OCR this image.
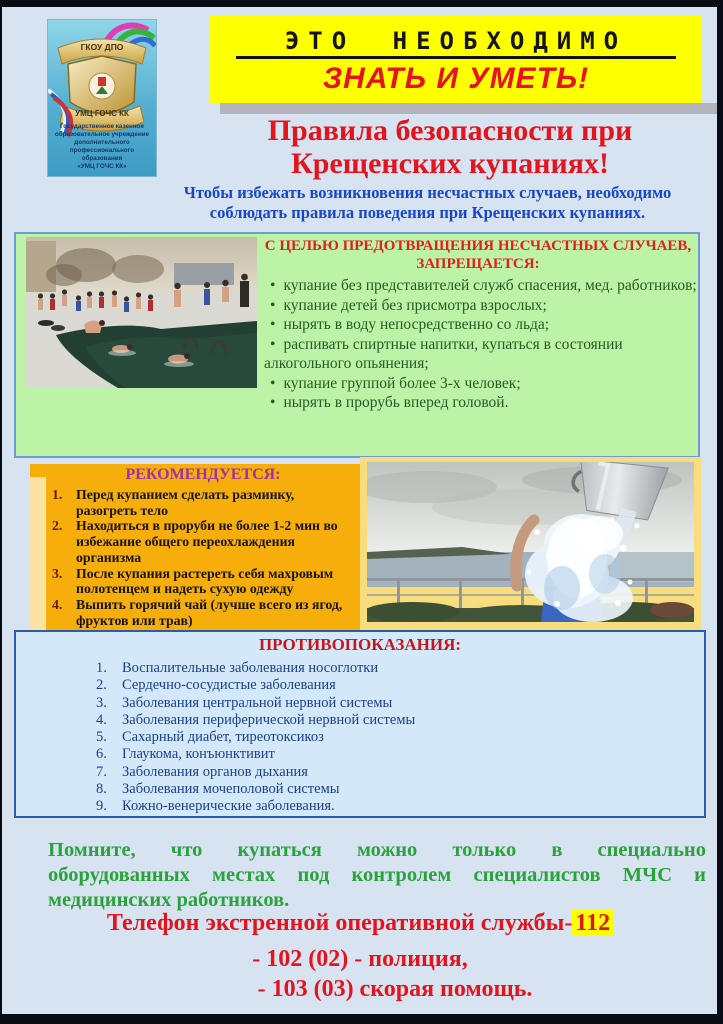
ГКОУ ДПО
УМЦ ГОЧС КК
Государственное казенное
образовательное учреждение
дополнительного
профессионального образования
«УМЦ ГОЧС КК»
ЭТО НЕОБХОДИМО
ЗНАТЬ И УМЕТЬ!
Правила безопасности при
Крещенских купаниях!
Чтобы избежать возникновения несчастных случаев, необходимо
соблюдать правила поведения при Крещенских купаниях.
С ЦЕЛЬЮ ПРЕДОТВРАЩЕНИЯ НЕСЧАСТНЫХ СЛУЧАЕВ,
ЗАПРЕЩАЕТСЯ:
• купание без представителей служб спасения, мед. работников;
• купание детей без присмотра взрослых;
• нырять в воду непосредственно со льда;
• распивать спиртные напитки, купаться в состоянии алкогольного опьянения;
• купание группой более 3-х человек;
• нырять в прорубь вперед головой.
РЕКОМЕНДУЕТСЯ:
Перед купанием сделать разминку, разогреть тело
Находиться в проруби не более 1-2 мин во избежание общего переохлаждения организма
После купания растереть себя махровым полотенцем и надеть сухую одежду
Выпить горячий чай (лучше всего из ягод, фруктов или трав)
ПРОТИВОПОКАЗАНИЯ:
Воспалительные заболевания носоглотки
Сердечно-сосудистые заболевания
Заболевания центральной нервной системы
Заболевания периферической нервной системы
Сахарный диабет, тиреотоксикоз
Глаукома, конъюнктивит
Заболевания органов дыхания
Заболевания мочеполовой системы
Кожно-венерические заболевания.
Помните, что купаться можно только в специально
оборудованных местах под контролем специалистов МЧС и
медицинских работников.
Телефон экстренной оперативной службы- 112
- 102 (02) - полиция,
- 103 (03) скорая помощь.
